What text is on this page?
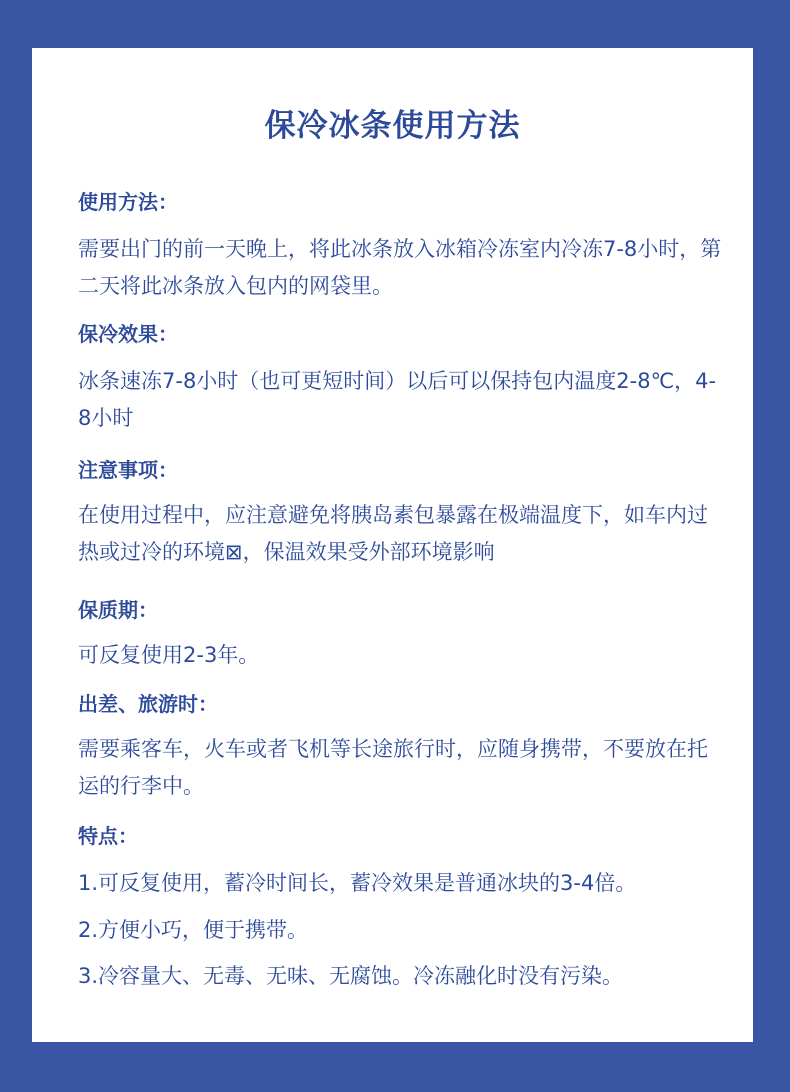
保冷冰条使用方法
使用方法：
需要出门的前一天晚上，将此冰条放入冰箱冷冻室内冷冻7-8小时，第二天将此冰条放入包内的网袋里。
保冷效果：
冰条速冻7-8小时（也可更短时间）以后可以保持包内温度2-8℃，4-8小时
注意事项：
在使用过程中，应注意避免将胰岛素包暴露在极端温度下，如车内过热或过冷的环境⊠，保温效果受外部环境影响
保质期：
可反复使用2-3年。
出差、旅游时：
需要乘客车，火车或者飞机等长途旅行时，应随身携带，不要放在托运的行李中。
特点：
1.可反复使用，蓄冷时间长，蓄冷效果是普通冰块的3-4倍。
2.方便小巧，便于携带。
3.冷容量大、无毒、无味、无腐蚀。冷冻融化时没有污染。
